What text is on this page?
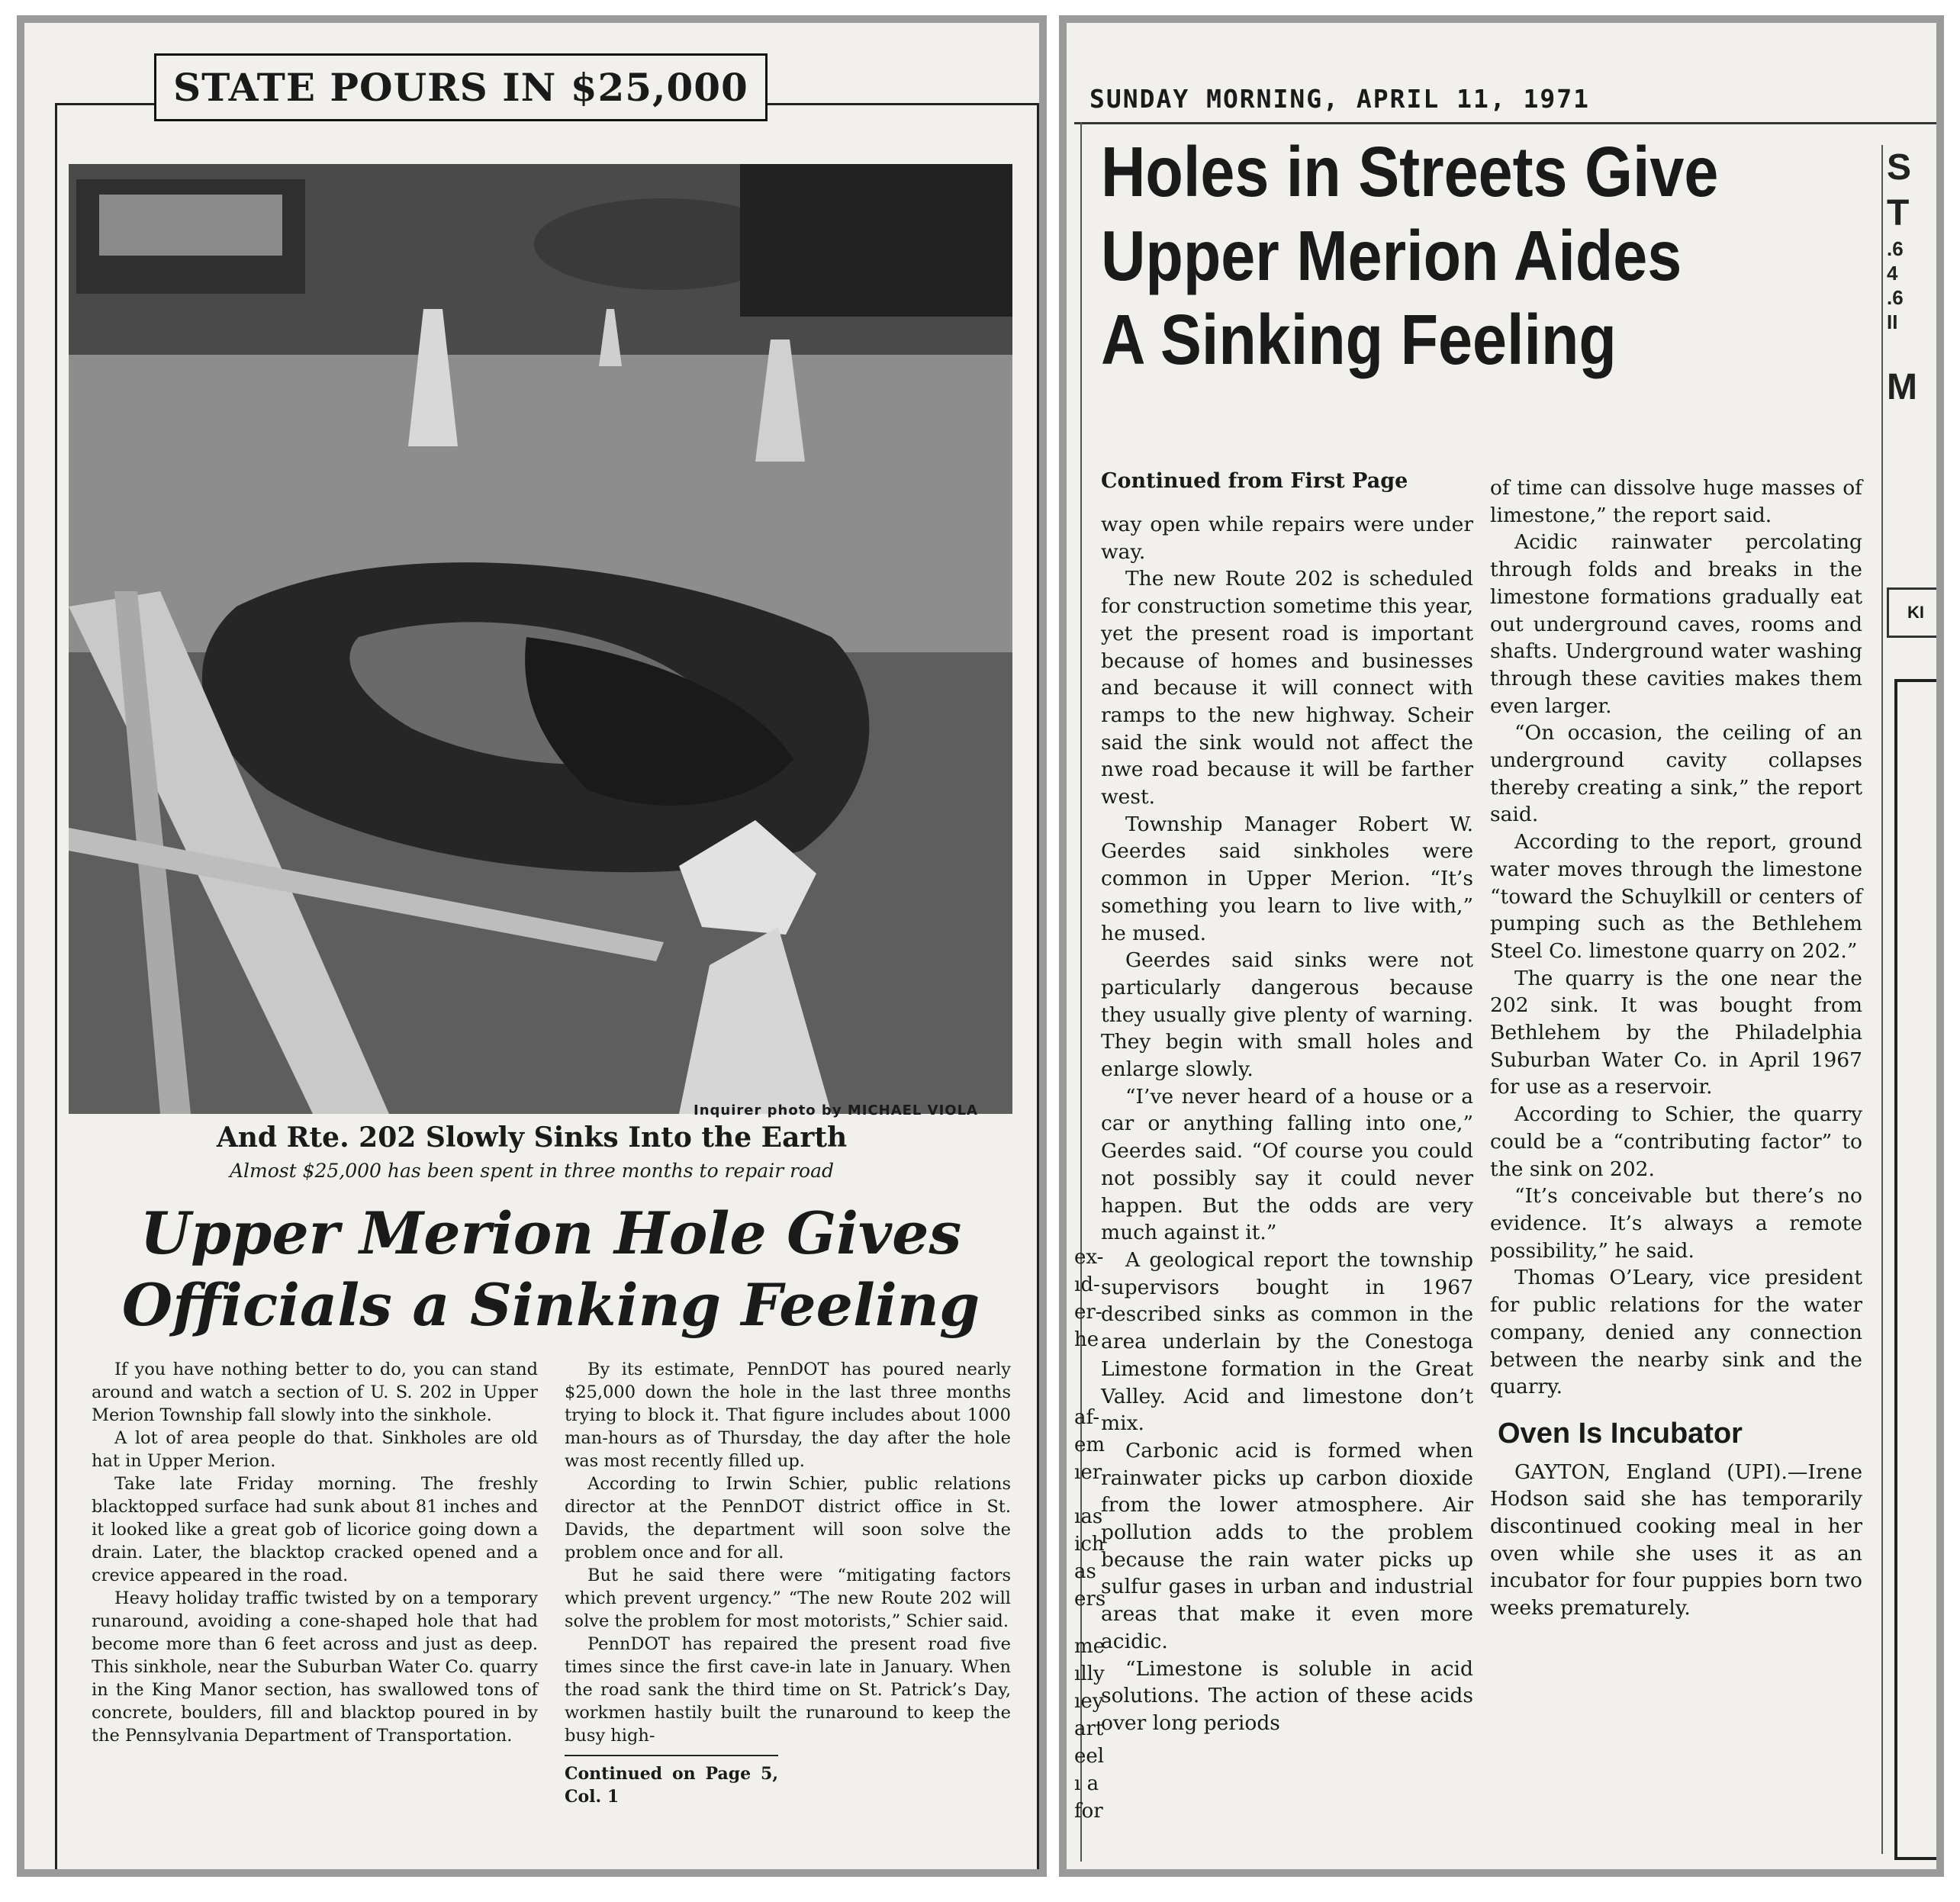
STATE POURS IN $25,000
Inquirer photo by MICHAEL VIOLA
And Rte. 202 Slowly Sinks Into the Earth
Almost $25,000 has been spent in three months to repair road
Upper Merion Hole Gives
Officials a Sinking Feeling

If you have nothing better to do, you can stand around and watch a section of U. S. 202 in Upper Merion Township fall slowly into the sinkhole.

A lot of area people do that. Sinkholes are old hat in Upper Merion.

Take late Friday morning. The freshly blacktopped surface had sunk about 81 inches and it looked like a great gob of licorice going down a drain. Later, the blacktop cracked opened and a crevice appeared in the road.

Heavy holiday traffic twisted by on a temporary runaround, avoiding a cone-shaped hole that had become more than 6 feet across and just as deep. This sinkhole, near the Suburban Water Co. quarry in the King Manor section, has swallowed tons of concrete, boulders, fill and blacktop poured in by the Pennsylvania Department of Transportation.

By its estimate, PennDOT has poured nearly $25,000 down the hole in the last three months trying to block it. That figure includes about 1000 man-hours as of Thursday, the day after the hole was most recently filled up.

According to Irwin Schier, public relations director at the PennDOT district office in St. Davids, the department will soon solve the problem once and for all.

But he said there were “mitigating factors which prevent urgency.” “The new Route 202 will solve the problem for most motorists,” Schier said.

PennDOT has repaired the present road five times since the first cave-in late in January. When the road sank the third time on St. Patrick’s Day, workmen hastily built the runaround to keep the busy high-

Continued on Page 5, Col. 1
SUNDAY MORNING, APRIL 11, 1971
Holes in Streets Give
Upper Merion Aides
A Sinking Feeling
Continued from First Page

way open while repairs were under way.

The new Route 202 is scheduled for construction sometime this year, yet the present road is important because of homes and businesses and because it will connect with ramps to the new highway. Scheir said the sink would not affect the nwe road because it will be farther west.

Township Manager Robert W. Geerdes said sinkholes were common in Upper Merion. “It’s something you learn to live with,” he mused.

Geerdes said sinks were not particularly dangerous because they usually give plenty of warning. They begin with small holes and enlarge slowly.

“I’ve never heard of a house or a car or anything falling into one,” Geerdes said. “Of course you could not possibly say it could never happen. But the odds are very much against it.”

A geological report the township supervisors bought in 1967 described sinks as common in the area underlain by the Conestoga Limestone formation in the Great Valley. Acid and limestone don’t mix.

Carbonic acid is formed when rainwater picks up carbon dioxide from the lower atmosphere. Air pollution adds to the problem because the rain water picks up sulfur gases in urban and industrial areas that make it even more acidic.

“Limestone is soluble in acid solutions. The action of these acids over long periods

of time can dissolve huge masses of limestone,” the report said.

Acidic rainwater percolating through folds and breaks in the limestone formations gradually eat out underground caves, rooms and shafts. Underground water washing through these cavities makes them even larger.

“On occasion, the ceiling of an underground cavity collapses thereby creating a sink,” the report said.

According to the report, ground water moves through the limestone “toward the Schuylkill or centers of pumping such as the Bethlehem Steel Co. limestone quarry on 202.”

The quarry is the one near the 202 sink. It was bought from Bethlehem by the Philadelphia Suburban Water Co. in April 1967 for use as a reservoir.

According to Schier, the quarry could be a “contributing factor” to the sink on 202.

“It’s conceivable but there’s no evidence. It’s always a remote possibility,” he said.

Thomas O’Leary, vice president for public relations for the water company, denied any connection between the nearby sink and the quarry.

Oven Is Incubator

GAYTON, England (UPI).—Irene Hodson said she has temporarily discontinued cooking meal in her oven while she uses it as an incubator for four puppies born two weeks prematurely.

ex-
ıd-
er-
he
af-
em
ıer
ıas
ich
as
ers
me
ılly
ıey
art
eel
ı a
for
S
T
.6
4
.6
II
M
KI
